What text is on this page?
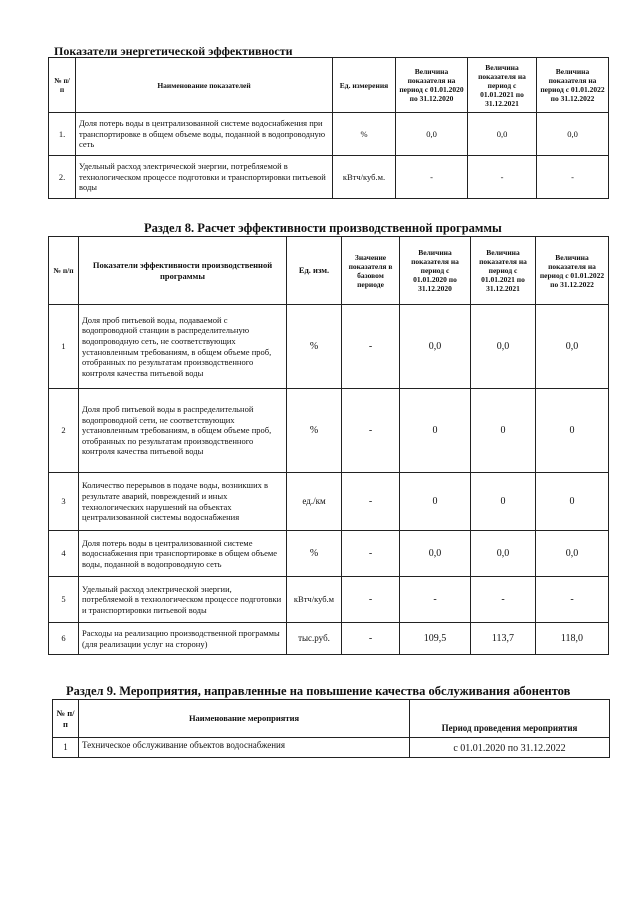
Показатели энергетической эффективности
№ п/п	Наименование показателей	Ед. измерения	Величина показателя на период с 01.01.2020 по 31.12.2020	Величина показателя на период с 01.01.2021 по 31.12.2021	Величина показателя на период с 01.01.2022 по 31.12.2022
1.	Доля потерь воды в централизованной системе водоснабжения при транспортировке в общем объеме воды, поданной в водопроводную сеть	%	0,0	0,0	0,0
2.	Удельный расход электрической энергии, потребляемой в технологическом процессе подготовки и транспортировки питьевой воды	кВтч/куб.м.	-	-	-
Раздел 8. Расчет эффективности производственной программы
№ п/п	Показатели эффективности производственной программы	Ед. изм.	Значение показателя в базовом периоде	Величина показателя на период с 01.01.2020 по 31.12.2020	Величина показателя на период с 01.01.2021 по 31.12.2021	Величина показателя на период с 01.01.2022 по 31.12.2022
1	Доля проб питьевой воды, подаваемой с водопроводной станции в распределительную водопроводную сеть, не соответствующих установленным требованиям, в общем объеме проб, отобранных по результатам производственного контроля качества питьевой воды	%	-	0,0	0,0	0,0
2	Доля проб питьевой воды в распределительной водопроводной сети, не соответствующих установленным требованиям, в общем объеме проб, отобранных по результатам производственного контроля качества питьевой воды	%	-	0	0	0
3	Количество перерывов в подаче воды, возникших в результате аварий, повреждений и иных технологических нарушений на объектах централизованной системы водоснабжения	ед./км	-	0	0	0
4	Доля потерь воды в централизованной системе водоснабжения при транспортировке в общем объеме воды, поданной в водопроводную сеть	%	-	0,0	0,0	0,0
5	Удельный расход электрической энергии, потребляемой в технологическом процессе подготовки и транспортировки питьевой воды	кВтч/куб.м	-	-	-	-
6	Расходы на реализацию производственной программы (для реализации услуг на сторону)	тыс.руб.	-	109,5	113,7	118,0
Раздел 9. Мероприятия, направленные на повышение качества обслуживания абонентов
№ п/п	Наименование мероприятия	Период проведения мероприятия
1	Техническое обслуживание объектов водоснабжения	с 01.01.2020 по 31.12.2022
